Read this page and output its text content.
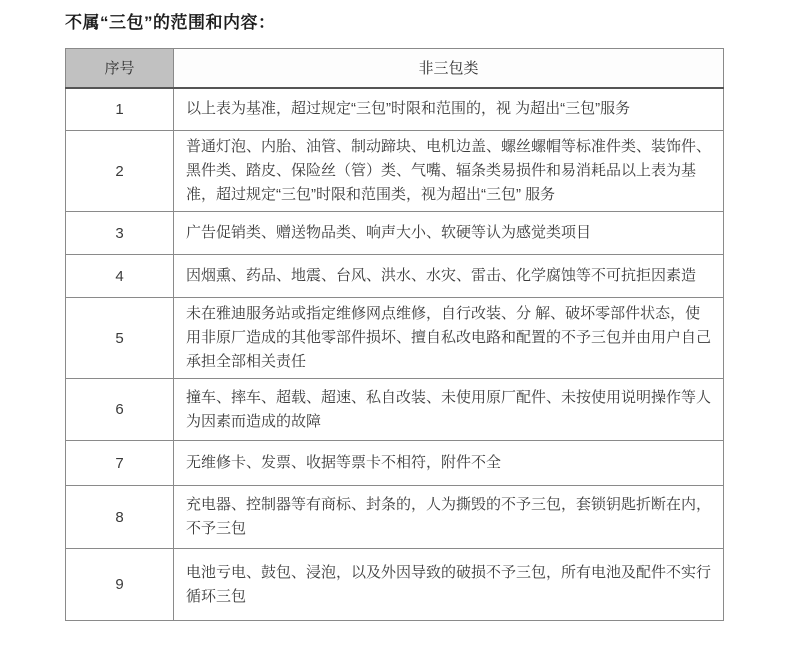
不属“三包”的范围和内容：
序号	非三包类
1	以上表为基准，超过规定“三包”时限和范围的，视 为超出“三包”服务
2	普通灯泡、内胎、油管、制动蹄块、电机边盖、螺丝螺帽等标准件类、装饰件、黑件类、踏皮、保险丝（管）类、气嘴、辐条类易损件和易消耗品以上表为基准，超过规定“三包”时限和范围类，视为超出“三包” 服务
3	广告促销类、赠送物品类、响声大小、软硬等认为感觉类项目
4	因烟熏、药品、地震、台风、洪水、水灾、雷击、化学腐蚀等不可抗拒因素造
5	未在雅迪服务站或指定维修网点维修，自行改装、分 解、破坏零部件状态，使用非原厂造成的其他零部件损坏、擅自私改电路和配置的不予三包并由用户自己承担全部相关责任
6	撞车、摔车、超载、超速、私自改装、未使用原厂配件、未按使用说明操作等人为因素而造成的故障
7	无维修卡、发票、收据等票卡不相符，附件不全
8	充电器、控制器等有商标、封条的，人为撕毁的不予三包，套锁钥匙折断在内，不予三包
9	电池亏电、鼓包、浸泡，以及外因导致的破损不予三包，所有电池及配件不实行循环三包
